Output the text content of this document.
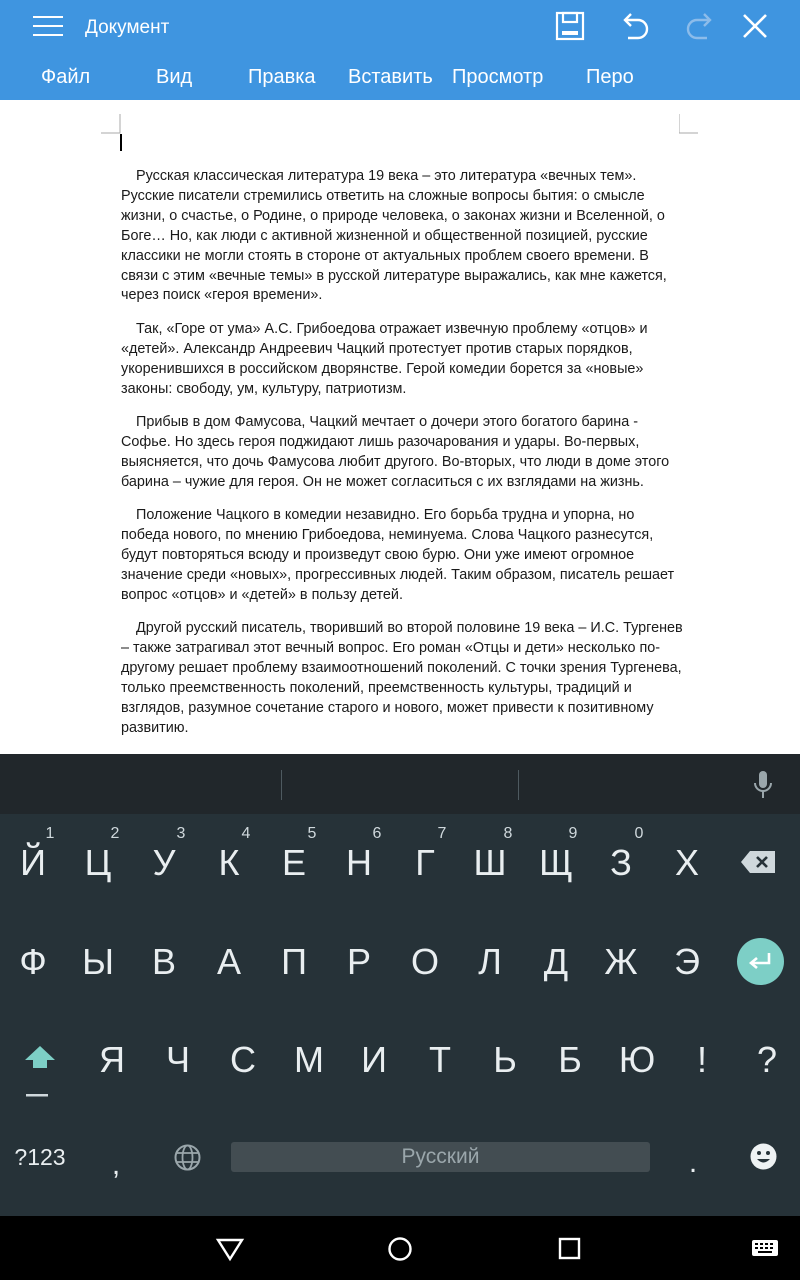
Документ
Файл	Вид	Правка Вставить Просмотр Перо

Русская классическая литература 19 века – это литература «вечных тем». Русские писатели стремились ответить на сложные вопросы бытия: о смысле жизни, о счастье, о Родине, о природе человека, о законах жизни и Вселенной, о Боге… Но, как люди с активной жизненной и общественной позицией, русские классики не могли стоять в стороне от актуальных проблем своего времени. В связи с этим «вечные темы» в русской литературе выражались, как мне кажется, через поиск «героя времени».

Так, «Горе от ума» А.С. Грибоедова отражает извечную проблему «отцов» и «детей». Александр Андреевич Чацкий протестует против старых порядков, укоренившихся в российском дворянстве. Герой комедии борется за «новые» законы: свободу, ум, культуру, патриотизм.

Прибыв в дом Фамусова, Чацкий мечтает о дочери этого богатого барина - Софье. Но здесь героя поджидают лишь разочарования и удары. Во-первых, выясняется, что дочь Фамусова любит другого. Во-вторых, что люди в доме этого барина – чужие для героя. Он не может согласиться с их взглядами на жизнь.

Положение Чацкого в комедии незавидно. Его борьба трудна и упорна, но победа нового, по мнению Грибоедова, неминуема. Слова Чацкого разнесутся, будут повторяться всюду и произведут свою бурю. Они уже имеют огромное значение среди «новых», прогрессивных людей. Таким образом, писатель решает вопрос «отцов» и «детей» в пользу детей.

Другой русский писатель, творивший во второй половине 19 века – И.С. Тургенев – также затрагивал этот вечный вопрос. Его роман «Отцы и дети» несколько по-другому решает проблему взаимоотношений поколений. С точки зрения Тургенева, только преемственность поколений, преемственность культуры, традиций и взглядов, разумное сочетание старого и нового, может привести к позитивному развитию.

?123 ,	Русский	.
Й Ц У	К	Е Н	Г	Ш Щ	З	Х
1	2	3	4	5	6	7	8	9	0
Ф Ы В А П Р О Л Д Ж Э
Я Ч С М И	Т	Ь Б Ю	!	?
